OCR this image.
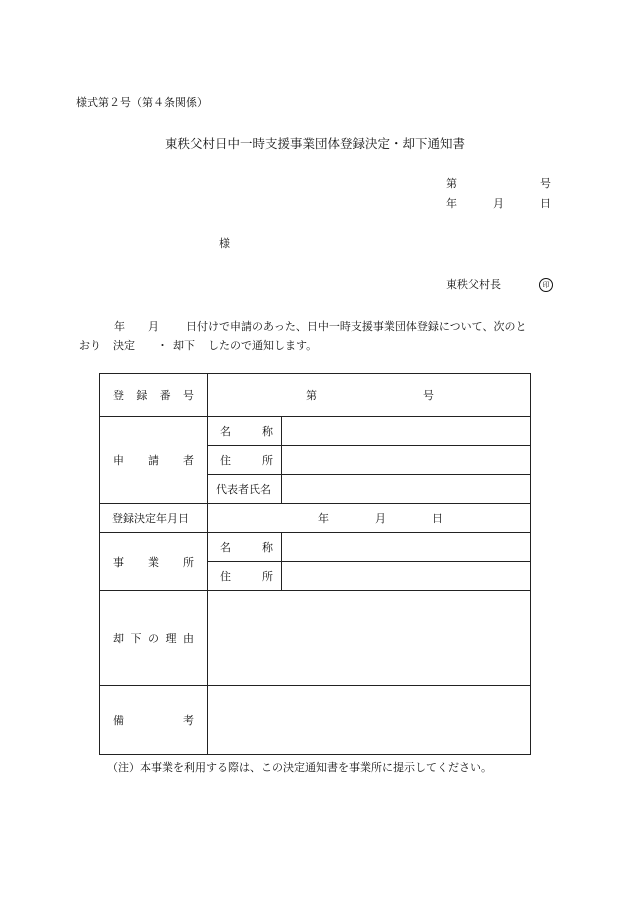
様式第２号（第４条関係）
東秩父村日中一時支援事業団体登録決定・却下通知書
第	号
年	月	日
様
東秩父村長	印
年 月 日付けで申請のあった、日中一時支援事業団体登録について、次のと
おり 決定 ・ 却下 したので通知します。
登 録 番 号	第 号	

申 請 者	名 称	

	住 所	

	代表者氏名	

登録決定年月日	年 月 日	

事 業 所	名 称	

	住 所	

却 下 の 理 由		

備 考		

（注）本事業を利用する際は、この決定通知書を事業所に提示してください。
